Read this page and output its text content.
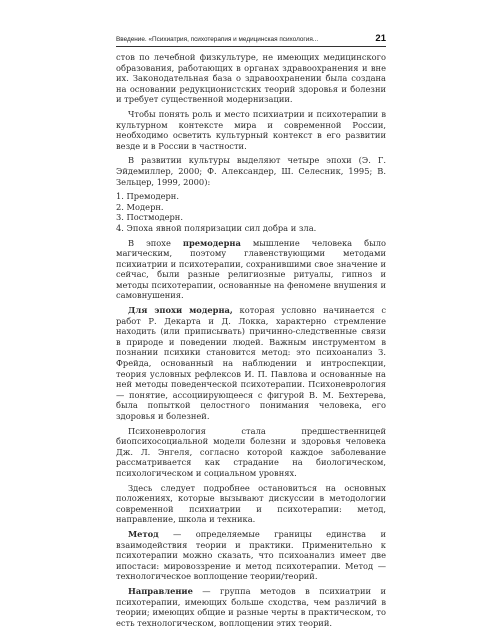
Введение. «Психиатрия, психотерапия и медицинская психология...	21

стов по лечебной физкультуре, не имеющих медицинского образования, работающих в органах здравоохранения и вне их. Законодательная база о здравоохранении была создана на основании редукционистских теорий здоровья и болезни и требует существенной модернизации.

Чтобы понять роль и место психиатрии и психотерапии в культурном контексте мира и современной России, необходимо осветить культурный контекст в его развитии везде и в России в частности.

В развитии культуры выделяют четыре эпохи (Э. Г. Эйдемиллер, 2000; Ф. Александер, Ш. Селесник, 1995; В. Зельцер, 1999, 2000):

1. Премодерн.
2. Модерн.
3. Постмодерн.
4. Эпоха явной поляризации сил добра и зла.

В эпохе премодерна мышление человека было магическим, поэтому главенствующими методами психиатрии и психотерапии, сохранившими свое значение и сейчас, были разные религиозные ритуалы, гипноз и методы психотерапии, основанные на феномене внушения и самовнушения.

Для эпохи модерна, которая условно начинается с работ Р. Декарта и Д. Локка, характерно стремление находить (или приписывать) причинно-следственные связи в природе и поведении людей. Важным инструментом в познании психики становится метод: это психоанализ З. Фрейда, основанный на наблюдении и интроспекции, теория условных рефлексов И. П. Павлова и основанные на ней методы поведенческой психотерапии. Психоневрология — понятие, ассоциирующееся с фигурой В. М. Бехтерева, была попыткой целостного понимания человека, его здоровья и болезней.

Психоневрология стала предшественницей биопсихосоциальной модели болезни и здоровья человека Дж. Л. Энгеля, согласно которой каждое заболевание рассматривается как страдание на биологическом, психологическом и социальном уровнях.

Здесь следует подробнее остановиться на основных положениях, которые вызывают дискуссии в методологии современной психиатрии и психотерапии: метод, направление, школа и техника.

Метод — определяемые границы единства и взаимодействия теории и практики. Применительно к психотерапии можно сказать, что психоанализ имеет две ипостаси: мировоззрение и метод психотерапии. Метод — технологическое воплощение теории/теорий.

Направление — группа методов в психиатрии и психотерапии, имеющих больше сходства, чем различий в теории; имеющих общие и разные черты в практическом, то есть технологическом, воплощении этих теорий.
